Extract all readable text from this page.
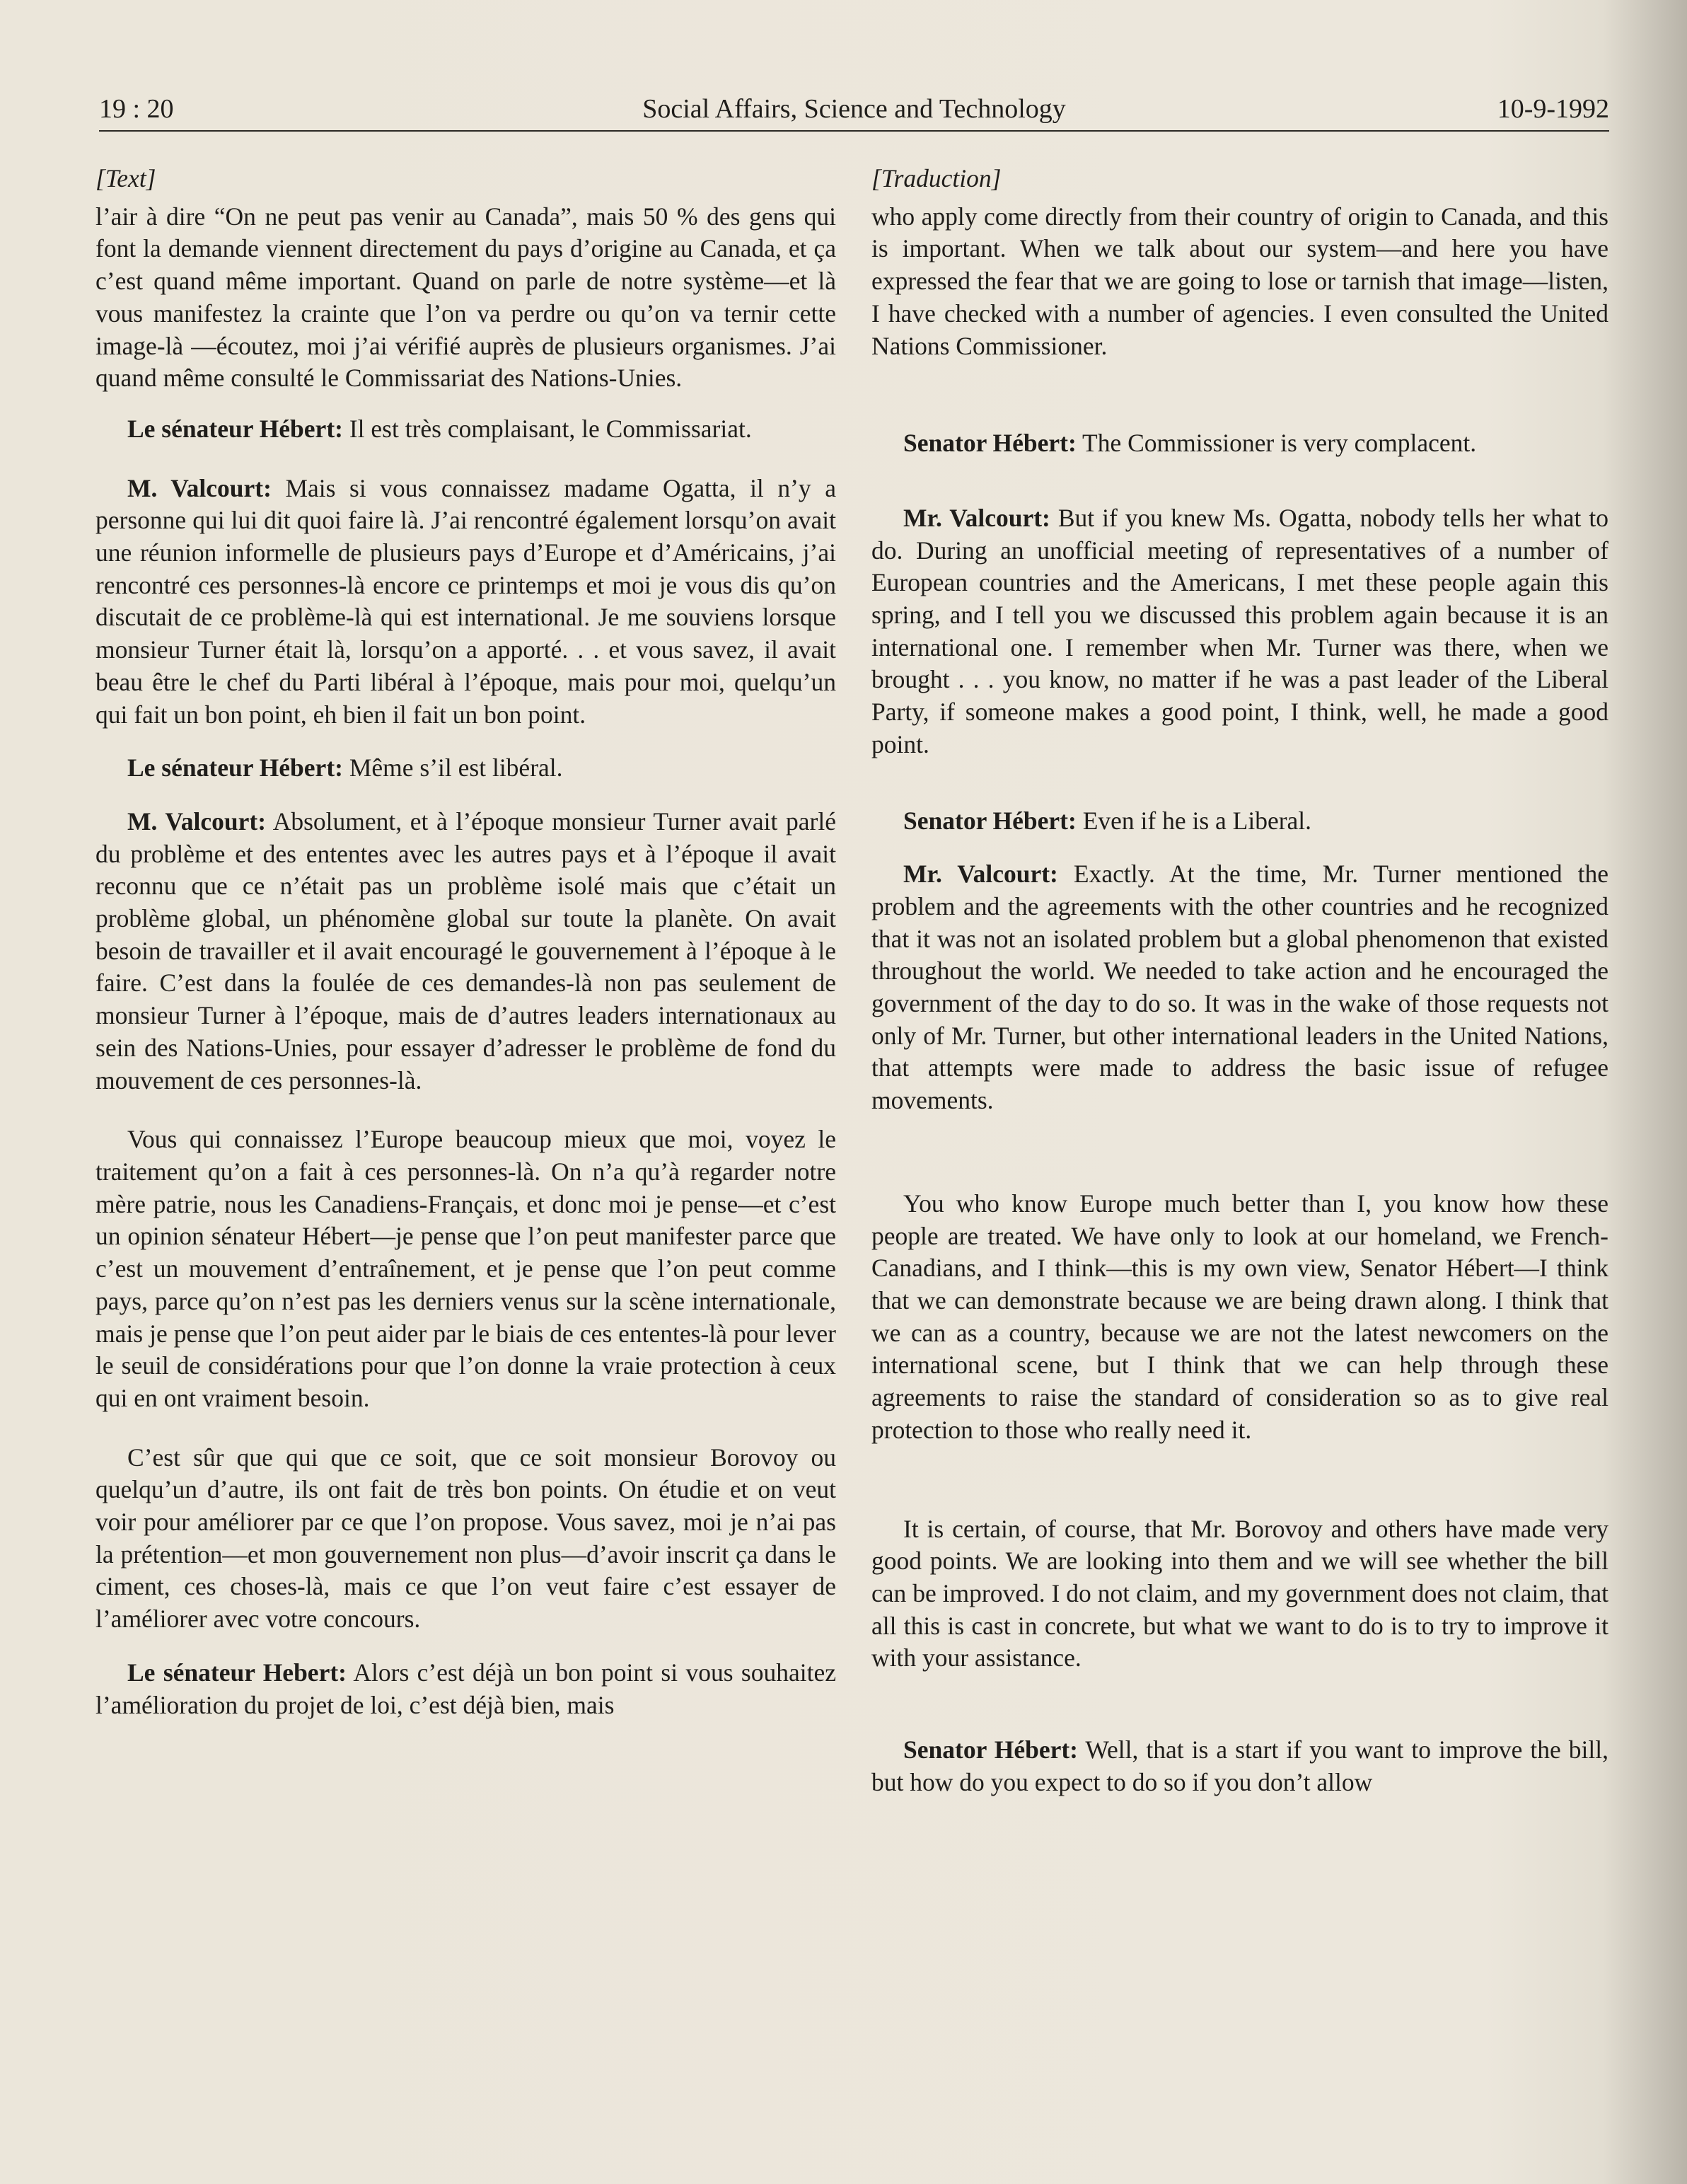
19 : 20	Social Affairs, Science and Technology	10-9-1992

[Text]

l’air à dire “On ne peut pas venir au Canada”, mais 50 % des gens qui font la demande viennent directement du pays d’origine au Canada, et ça c’est quand même important. Quand on parle de notre système—et là vous manifestez la crainte que l’on va perdre ou qu’on va ternir cette image-là —écoutez, moi j’ai vérifié auprès de plusieurs organismes. J’ai quand même consulté le Commissariat des Nations-Unies.

Le sénateur Hébert: Il est très complaisant, le Commissariat.

M. Valcourt: Mais si vous connaissez madame Ogatta, il n’y a personne qui lui dit quoi faire là. J’ai rencontré également lorsqu’on avait une réunion informelle de plusieurs pays d’Europe et d’Américains, j’ai rencontré ces personnes-là encore ce printemps et moi je vous dis qu’on discutait de ce problème-là qui est international. Je me souviens lorsque monsieur Turner était là, lorsqu’on a apporté. . . et vous savez, il avait beau être le chef du Parti libéral à l’époque, mais pour moi, quelqu’un qui fait un bon point, eh bien il fait un bon point.

Le sénateur Hébert: Même s’il est libéral.

M. Valcourt: Absolument, et à l’époque monsieur Turner avait parlé du problème et des ententes avec les autres pays et à l’époque il avait reconnu que ce n’était pas un problème isolé mais que c’était un problème global, un phénomène global sur toute la planète. On avait besoin de travailler et il avait encouragé le gouvernement à l’époque à le faire. C’est dans la foulée de ces demandes-là non pas seulement de monsieur Turner à l’époque, mais de d’autres leaders internationaux au sein des Nations-Unies, pour essayer d’adresser le problème de fond du mouvement de ces personnes-là.

Vous qui connaissez l’Europe beaucoup mieux que moi, voyez le traitement qu’on a fait à ces personnes-là. On n’a qu’à regarder notre mère patrie, nous les Canadiens-Français, et donc moi je pense—et c’est un opinion sénateur Hébert—je pense que l’on peut manifester parce que c’est un mouvement d’entraînement, et je pense que l’on peut comme pays, parce qu’on n’est pas les derniers venus sur la scène internationale, mais je pense que l’on peut aider par le biais de ces ententes-là pour lever le seuil de considérations pour que l’on donne la vraie protection à ceux qui en ont vraiment besoin.

C’est sûr que qui que ce soit, que ce soit monsieur Borovoy ou quelqu’un d’autre, ils ont fait de très bon points. On étudie et on veut voir pour améliorer par ce que l’on propose. Vous savez, moi je n’ai pas la prétention—et mon gouvernement non plus—d’avoir inscrit ça dans le ciment, ces choses-là, mais ce que l’on veut faire c’est essayer de l’améliorer avec votre concours.

Le sénateur Hebert: Alors c’est déjà un bon point si vous souhaitez l’amélioration du projet de loi, c’est déjà bien, mais

[Traduction]

who apply come directly from their country of origin to Canada, and this is important. When we talk about our system—and here you have expressed the fear that we are going to lose or tarnish that image—listen, I have checked with a number of agencies. I even consulted the United Nations Commissioner.

Senator Hébert: The Commissioner is very complacent.

Mr. Valcourt: But if you knew Ms. Ogatta, nobody tells her what to do. During an unofficial meeting of representatives of a number of European countries and the Americans, I met these people again this spring, and I tell you we discussed this problem again because it is an international one. I remember when Mr. Turner was there, when we brought . . . you know, no matter if he was a past leader of the Liberal Party, if someone makes a good point, I think, well, he made a good point.

Senator Hébert: Even if he is a Liberal.

Mr. Valcourt: Exactly. At the time, Mr. Turner mentioned the problem and the agreements with the other countries and he recognized that it was not an isolated problem but a global phenomenon that existed throughout the world. We needed to take action and he encouraged the government of the day to do so. It was in the wake of those requests not only of Mr. Turner, but other international leaders in the United Nations, that attempts were made to address the basic issue of refugee movements.

You who know Europe much better than I, you know how these people are treated. We have only to look at our homeland, we French-Canadians, and I think—this is my own view, Senator Hébert—I think that we can demonstrate because we are being drawn along. I think that we can as a country, because we are not the latest newcomers on the international scene, but I think that we can help through these agreements to raise the standard of consideration so as to give real protection to those who really need it.

It is certain, of course, that Mr. Borovoy and others have made very good points. We are looking into them and we will see whether the bill can be improved. I do not claim, and my government does not claim, that all this is cast in concrete, but what we want to do is to try to improve it with your assistance.

Senator Hébert: Well, that is a start if you want to improve the bill, but how do you expect to do so if you don’t allow
